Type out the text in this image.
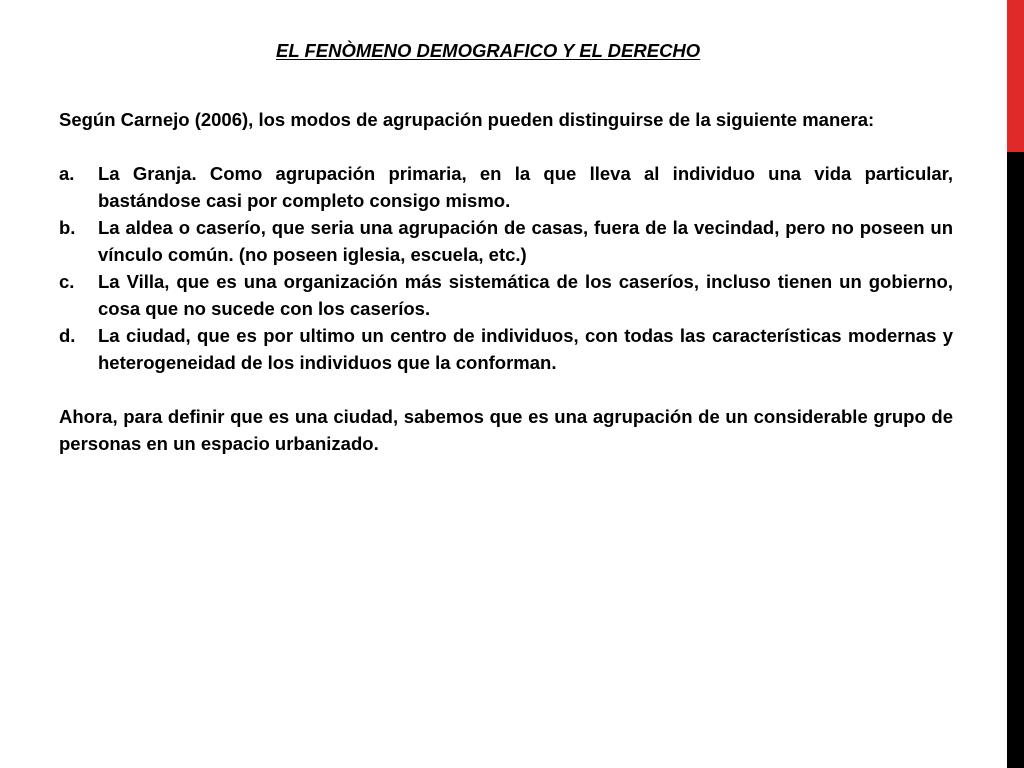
EL FENÒMENO DEMOGRAFICO Y EL DERECHO

Según Carnejo (2006), los modos de agrupación pueden distinguirse de la siguiente manera:

a.	La Granja. Como agrupación primaria, en la que lleva al individuo una vida particular, bastándose casi por completo consigo mismo.
b.	La aldea o caserío, que seria una agrupación de casas, fuera de la vecindad, pero no poseen un vínculo común. (no poseen iglesia, escuela, etc.)
c.	La Villa, que es una organización más sistemática de los caseríos, incluso tienen un gobierno, cosa que no sucede con los caseríos.
d.	La ciudad, que es por ultimo un centro de individuos, con todas las características modernas y heterogeneidad de los individuos que la conforman.

Ahora, para definir que es una ciudad, sabemos que es una agrupación de un considerable grupo de personas en un espacio urbanizado.
